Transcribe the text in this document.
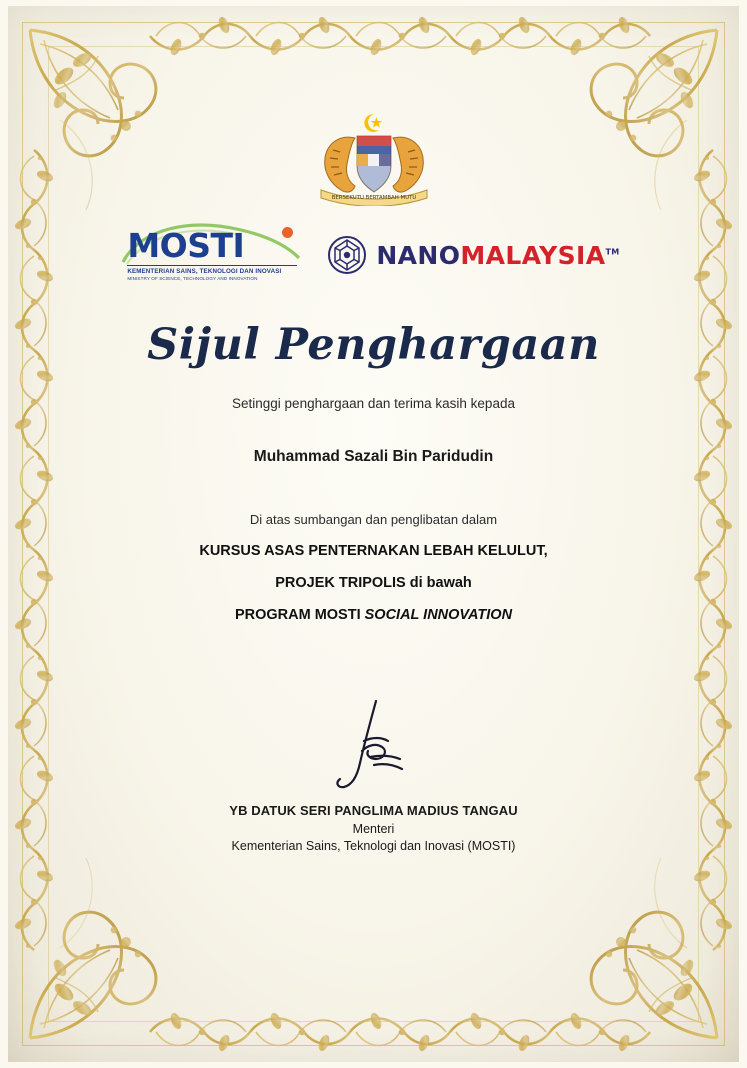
BERSEKUTU BERTAMBAH MUTU
MOSTI
KEMENTERIAN SAINS, TEKNOLOGI DAN INOVASI
MINISTRY OF SCIENCE, TECHNOLOGY AND INNOVATION
NANOMALAYSIA™
Sijul Penghargaan
Setinggi penghargaan dan terima kasih kepada
Muhammad Sazali Bin Paridudin
Di atas sumbangan dan penglibatan dalam
KURSUS ASAS PENTERNAKAN LEBAH KELULUT,
PROJEK TRIPOLIS di bawah
PROGRAM MOSTI SOCIAL INNOVATION
YB DATUK SERI PANGLIMA MADIUS TANGAU
Menteri
Kementerian Sains, Teknologi dan Inovasi (MOSTI)
